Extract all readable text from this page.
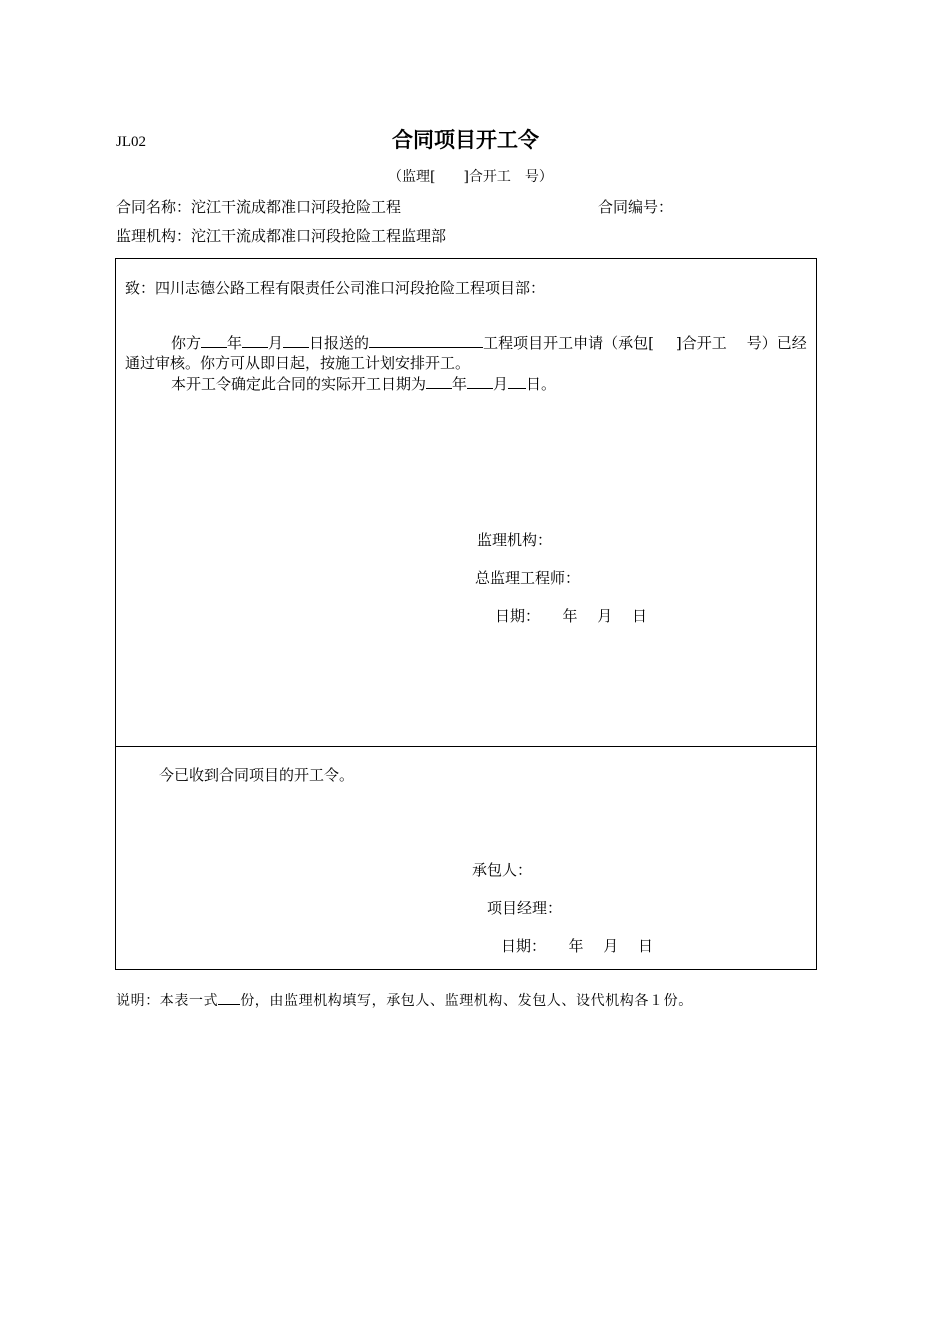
JL02	合同项目开工令
（监理[　　]合开工　号）
合同名称：沱江干流成都准口河段抢险工程	合同编号：
监理机构：沱江干流成都准口河段抢险工程监理部
致：四川志德公路工程有限责任公司淮口河段抢险工程项目部：
你方 年 月 日报送的	工程项目开工申请（承包[ ]合开工 号）已经通过审核。你方可从即日起，按施工计划安排开工。
本开工令确定此合同的实际开工日期为 年 月 日。
监理机构：
总监理工程师：
日期：　　年　 月　 日
今已收到合同项目的开工令。
承包人：
项目经理：
日期：　　年　 月　 日
说明：本表一式 份，由监理机构填写，承包人、监理机构、发包人、设代机构各１份。
